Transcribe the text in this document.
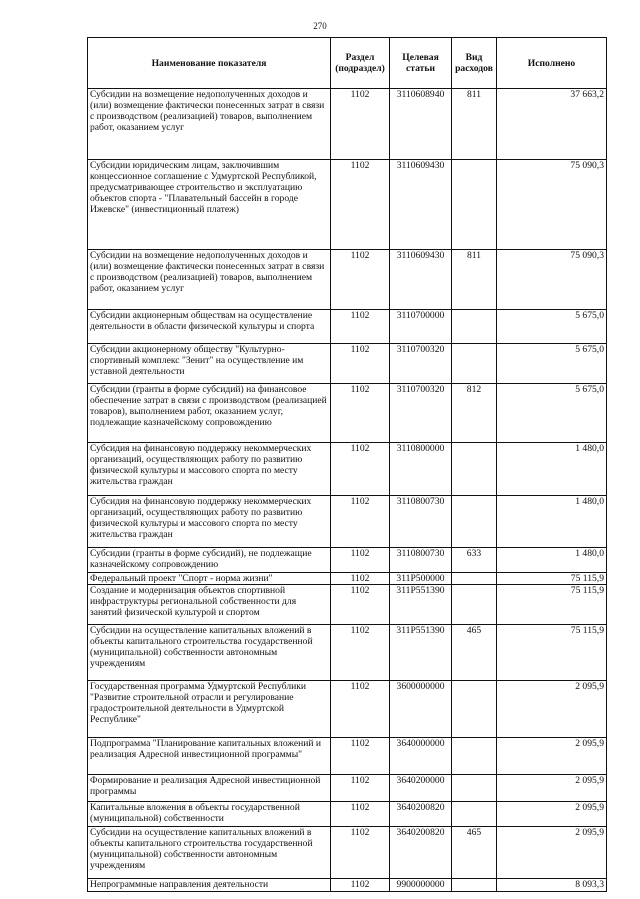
270
Наименование показателя	Раздел (подраздел)	Целевая статьи	Вид расходов	Исполнено
Субсидии на возмещение недополученных доходов и (или) возмещение фактически понесенных затрат в связи с производством (реализацией) товаров, выполнением работ, оказанием услуг	1102	3110608940	811	37 663,2
Субсидии юридическим лицам, заключившим концессионное соглашение с Удмуртской Республикой, предусматривающее строительство и эксплуатацию объектов спорта - "Плавательный бассейн в городе Ижевске" (инвестиционный платеж)	1102	3110609430		75 090,3
Субсидии на возмещение недополученных доходов и (или) возмещение фактически понесенных затрат в связи с производством (реализацией) товаров, выполнением работ, оказанием услуг	1102	3110609430	811	75 090,3
Субсидии акционерным обществам на осуществление деятельности в области физической культуры и спорта	1102	3110700000		5 675,0
Субсидии акционерному обществу "Культурно-спортивный комплекс "Зенит" на осуществление им уставной деятельности	1102	3110700320		5 675,0
Субсидии (гранты в форме субсидий) на финансовое обеспечение затрат в связи с производством (реализацией товаров), выполнением работ, оказанием услуг, подлежащие казначейскому сопровождению	1102	3110700320	812	5 675,0
Субсидия на финансовую поддержку некоммерческих организаций, осуществляющих работу по развитию физической культуры и массового спорта по месту жительства граждан	1102	3110800000		1 480,0
Субсидия на финансовую поддержку некоммерческих организаций, осуществляющих работу по развитию физической культуры и массового спорта по месту жительства граждан	1102	3110800730		1 480,0
Субсидии (гранты в форме субсидий), не подлежащие казначейскому сопровождению	1102	3110800730	633	1 480,0
Федеральный проект "Спорт - норма жизни"	1102	311P500000		75 115,9
Создание и модернизация объектов спортивной инфраструктуры региональной собственности для занятий физической культурой и спортом	1102	311P551390		75 115,9
Субсидии на осуществление капитальных вложений в объекты капитального строительства государственной (муниципальной) собственности автономным учреждениям	1102	311P551390	465	75 115,9
Государственная программа Удмуртской Республики "Развитие строительной отрасли и регулирование градостроительной деятельности в Удмуртской Республике"	1102	3600000000		2 095,9
Подпрограмма "Планирование капитальных вложений и реализация Адресной инвестиционной программы"	1102	3640000000		2 095,9
Формирование и реализация Адресной инвестиционной программы	1102	3640200000		2 095,9
Капитальные вложения в объекты государственной (муниципальной) собственности	1102	3640200820		2 095,9
Субсидии на осуществление капитальных вложений в объекты капитального строительства государственной (муниципальной) собственности автономным учреждениям	1102	3640200820	465	2 095,9
Непрограммные направления деятельности	1102	9900000000		8 093,3
